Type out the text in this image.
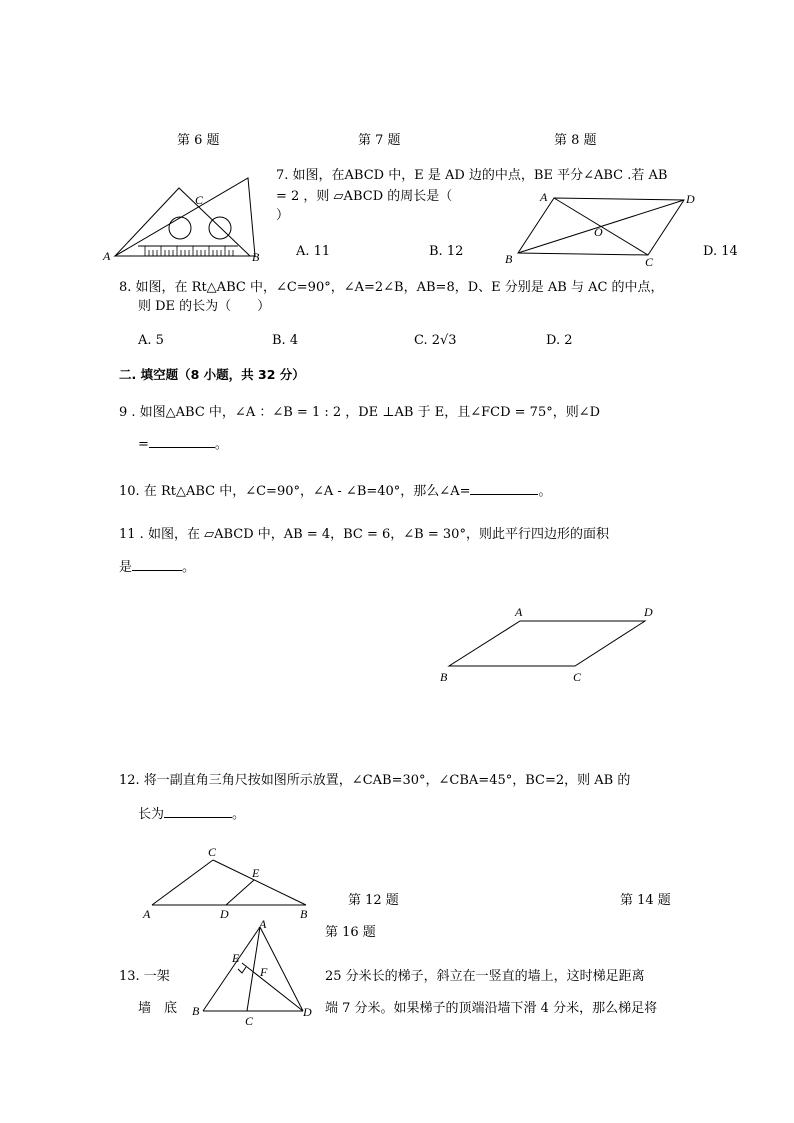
第 6 题	第 7 题	第 8 题
A	B
C
7. 如图，在ABCD 中，E 是 AD 边的中点，BE 平分∠ABC .若 AB
= 2 ，则 ▱ABCD 的周长是（
）
A. 11	B. 12	D. 14
A	D
B	C
O
8. 如图，在 Rt△ABC 中，∠C=90°，∠A=2∠B，AB=8，D、E 分别是 AB 与 AC 的中点，
则 DE 的长为（　　）
A. 5	B. 4	C. 2√3	D. 2
二. 填空题（8 小题，共 32 分）
9 . 如图△ABC 中，∠A ：∠B = 1 : 2 ，DE ⊥AB 于 E，且∠FCD = 75°，则∠D
=	。
10. 在 Rt△ABC 中，∠C=90°，∠A - ∠B=40°，那么∠A=	。
11 . 如图，在 ▱ABCD 中，AB = 4，BC = 6，∠B = 30°，则此平行四边形的面积
是	。
A	D
B	C
12. 将一副直角三角尺按如图所示放置，∠CAB=30°，∠CBA=45°，BC=2，则 AB 的
长为	。
C
E
A	D	B
第 12 题	第 14 题
第 16 题
A
E
F
B
C
D
13. 一架	25 分米长的梯子，斜立在一竖直的墙上，这时梯足距离
墙　底	端 7 分米。如果梯子的顶端沿墙下滑 4 分米，那么梯足将
